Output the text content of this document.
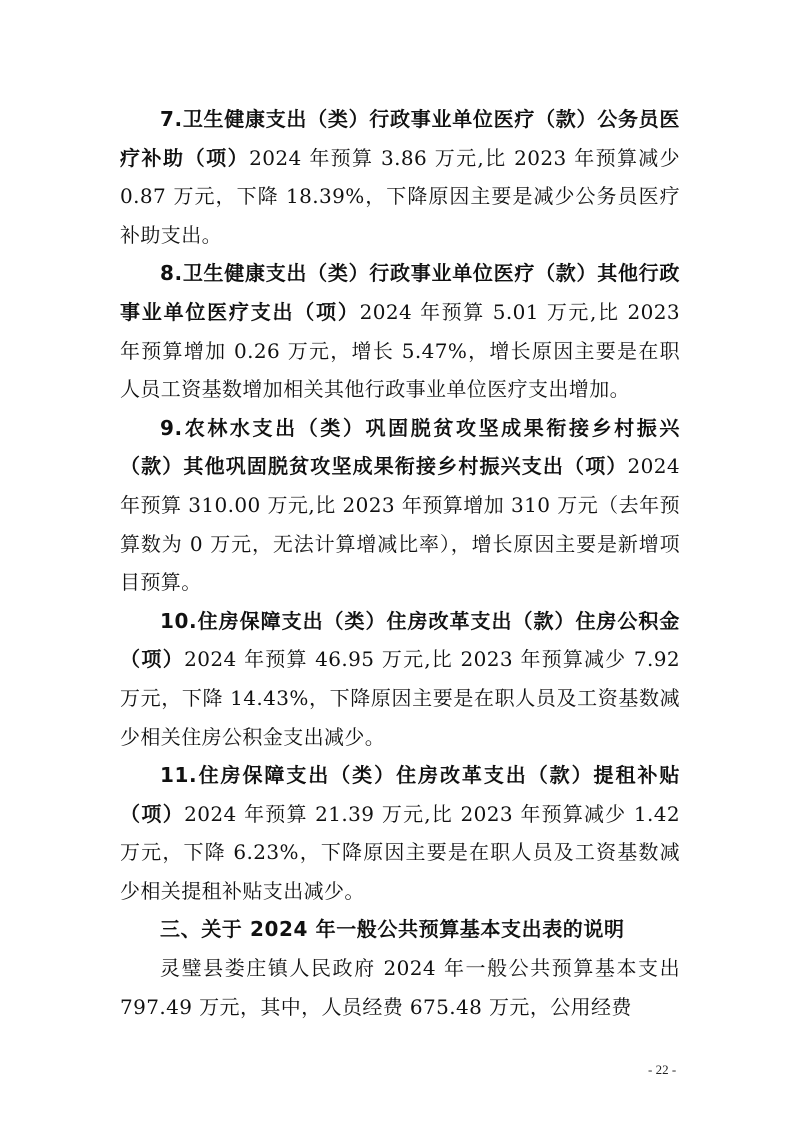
7.卫生健康支出（类）行政事业单位医疗（款）公务员医疗补助（项）2024 年预算 3.86 万元,比 2023 年预算减少 0.87 万元，下降 18.39%，下降原因主要是减少公务员医疗补助支出。

8.卫生健康支出（类）行政事业单位医疗（款）其他行政事业单位医疗支出（项）2024 年预算 5.01 万元,比 2023 年预算增加 0.26 万元，增长 5.47%，增长原因主要是在职人员工资基数增加相关其他行政事业单位医疗支出增加。

9.农林水支出（类）巩固脱贫攻坚成果衔接乡村振兴（款）其他巩固脱贫攻坚成果衔接乡村振兴支出（项）2024 年预算 310.00 万元,比 2023 年预算增加 310 万元（去年预算数为 0 万元，无法计算增减比率），增长原因主要是新增项目预算。

10.住房保障支出（类）住房改革支出（款）住房公积金（项）2024 年预算 46.95 万元,比 2023 年预算减少 7.92 万元，下降 14.43%，下降原因主要是在职人员及工资基数减少相关住房公积金支出减少。

11.住房保障支出（类）住房改革支出（款）提租补贴（项）2024 年预算 21.39 万元,比 2023 年预算减少 1.42 万元，下降 6.23%，下降原因主要是在职人员及工资基数减少相关提租补贴支出减少。

三、关于 2024 年一般公共预算基本支出表的说明

灵璧县娄庄镇人民政府 2024 年一般公共预算基本支出 797.49 万元，其中，人员经费 675.48 万元，公用经费

- 22 -
